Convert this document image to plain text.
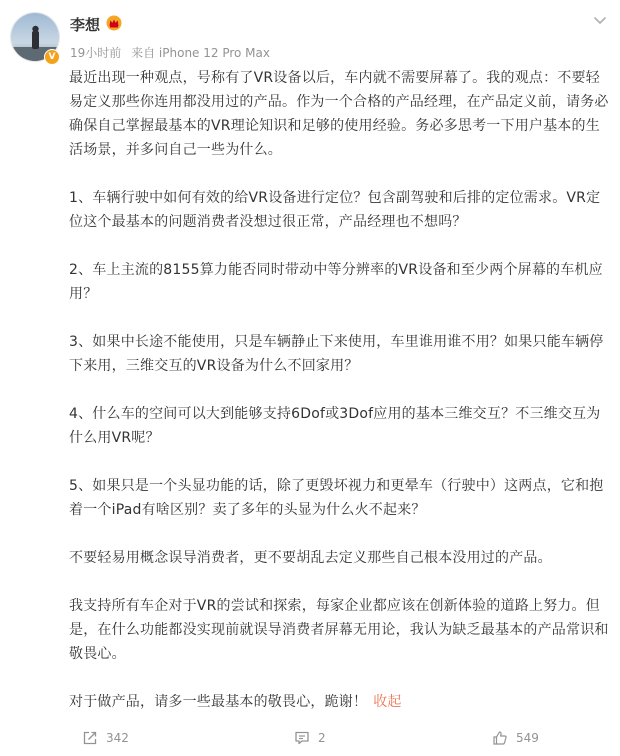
V
李想
19小时前 来自 iPhone 12 Pro Max

最近出现一种观点，号称有了VR设备以后，车内就不需要屏幕了。我的观点：不要轻易定义那些你连用都没用过的产品。作为一个合格的产品经理，在产品定义前，请务必确保自己掌握最基本的VR理论知识和足够的使用经验。务必多思考一下用户基本的生活场景，并多问自己一些为什么。

1、车辆行驶中如何有效的给VR设备进行定位？包含副驾驶和后排的定位需求。VR定位这个最基本的问题消费者没想过很正常，产品经理也不想吗？

2、车上主流的8155算力能否同时带动中等分辨率的VR设备和至少两个屏幕的车机应用？

3、如果中长途不能使用，只是车辆静止下来使用，车里谁用谁不用？如果只能车辆停下来用，三维交互的VR设备为什么不回家用？

4、什么车的空间可以大到能够支持6Dof或3Dof应用的基本三维交互？不三维交互为什么用VR呢？

5、如果只是一个头显功能的话，除了更毁坏视力和更晕车（行驶中）这两点，它和抱着一个iPad有啥区别？卖了多年的头显为什么火不起来？

不要轻易用概念误导消费者，更不要胡乱去定义那些自己根本没用过的产品。

我支持所有车企对于VR的尝试和探索，每家企业都应该在创新体验的道路上努力。但是，在什么功能都没实现前就误导消费者屏幕无用论，我认为缺乏最基本的产品常识和敬畏心。

对于做产品，请多一些最基本的敬畏心，跪谢！ 收起

342	2	549
